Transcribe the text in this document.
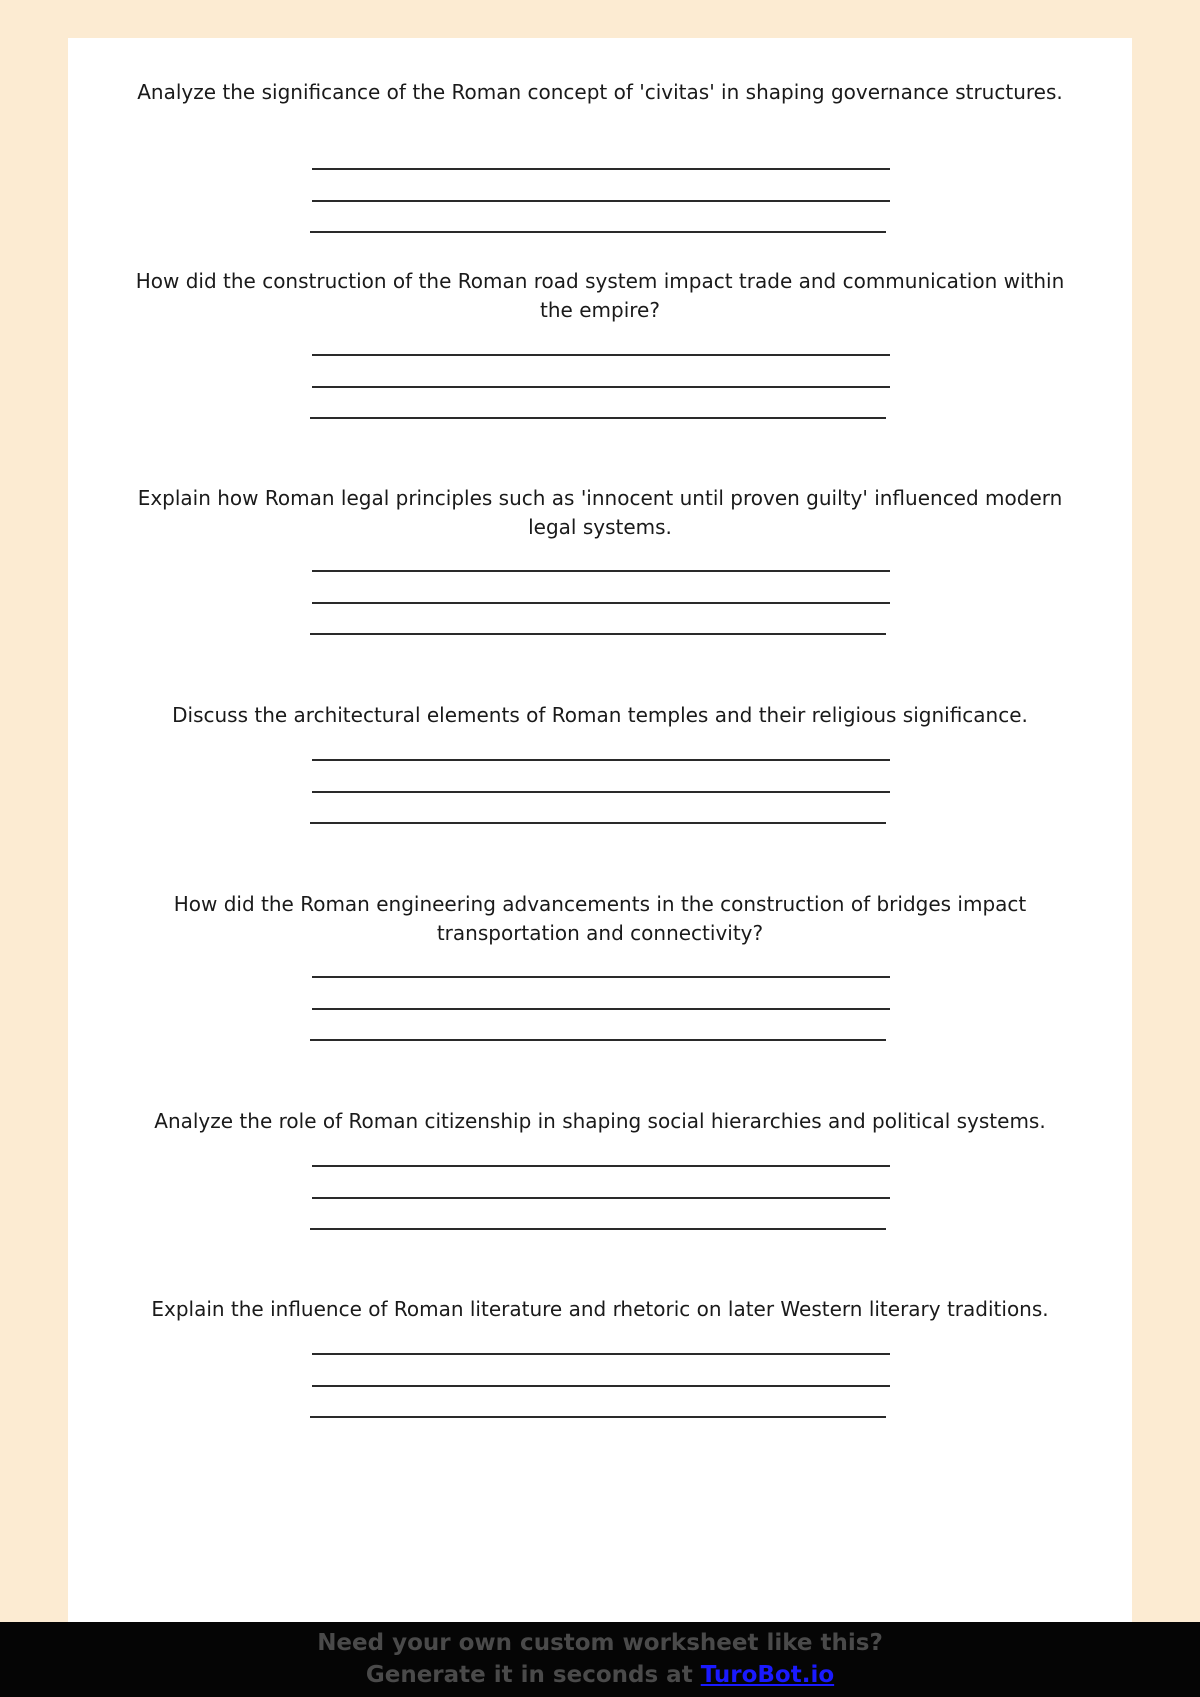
Analyze the significance of the Roman concept of 'civitas' in shaping governance structures.

How did the construction of the Roman road system impact trade and communication within the empire?

Explain how Roman legal principles such as 'innocent until proven guilty' influenced modern legal systems.

Discuss the architectural elements of Roman temples and their religious significance.

How did the Roman engineering advancements in the construction of bridges impact transportation and connectivity?

Analyze the role of Roman citizenship in shaping social hierarchies and political systems.

Explain the influence of Roman literature and rhetoric on later Western literary traditions.

Need your own custom worksheet like this?
Generate it in seconds at TuroBot.io
